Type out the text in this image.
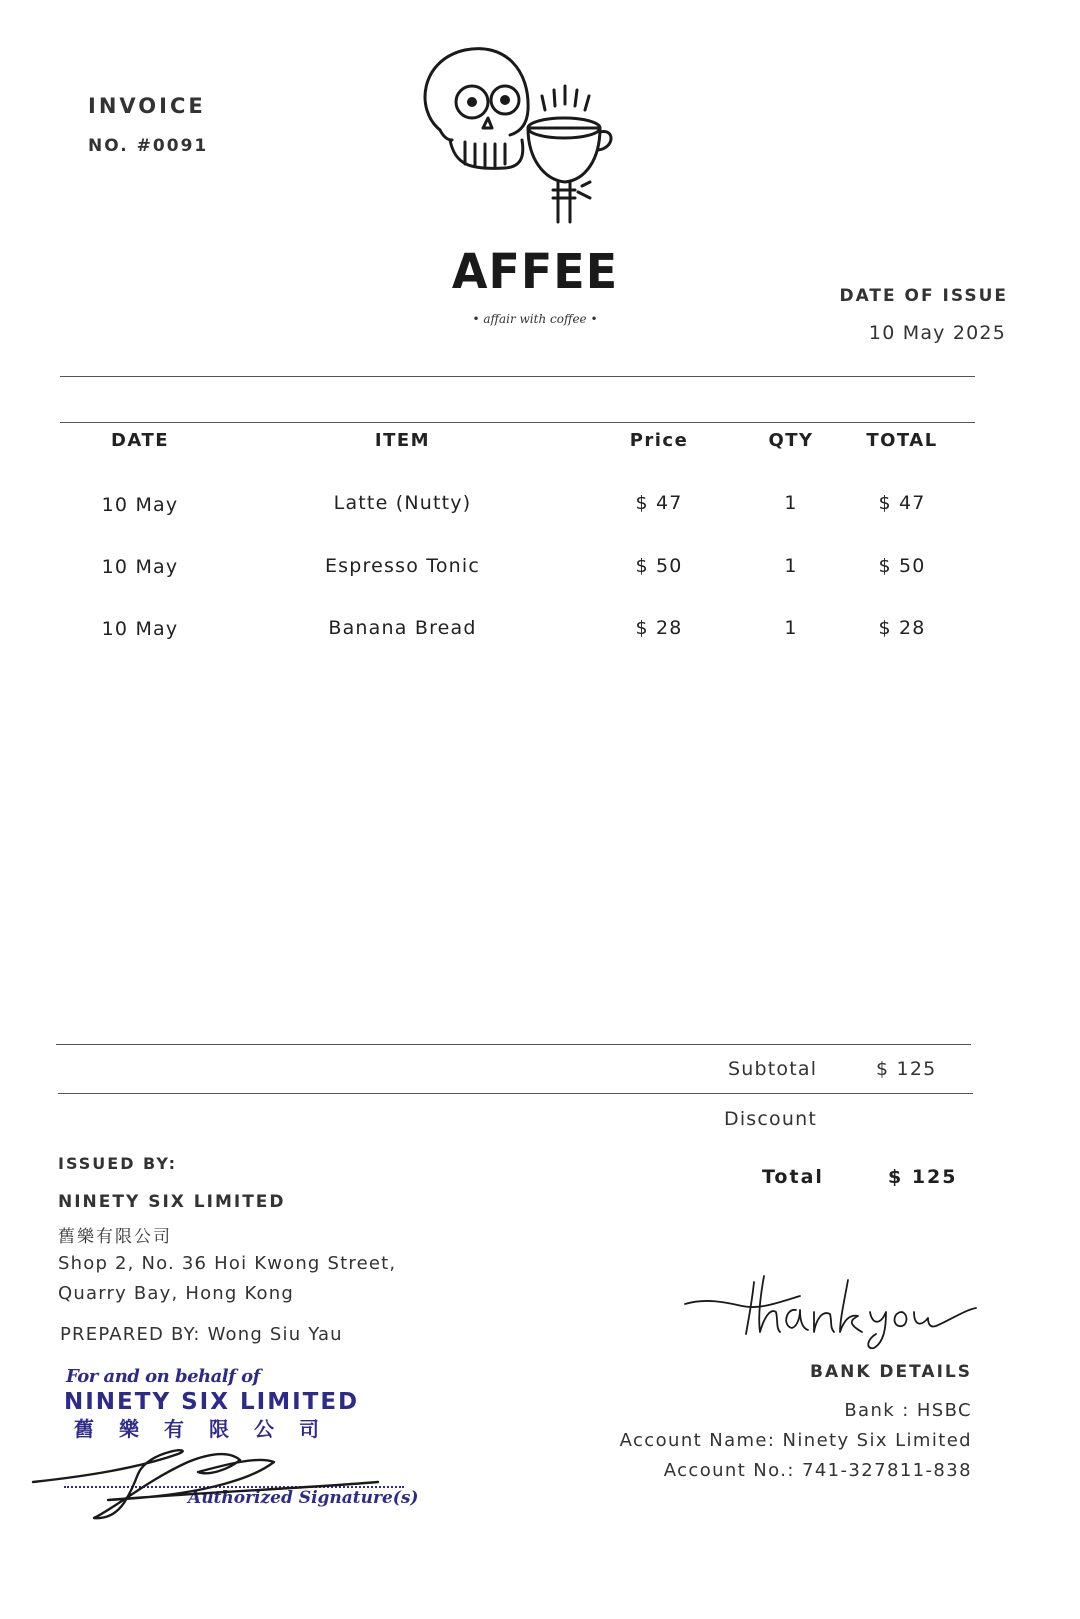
INVOICE
NO. #0091
AFFEE
• affair with coffee •
DATE OF ISSUE
10 May 2025
DATE	ITEM	Price	QTY	TOTAL
10 May	Latte (Nutty)	$ 47	1	$ 47
10 May	Espresso Tonic	$ 50	1	$ 50
10 May	Banana Bread	$ 28	1	$ 28
Subtotal	$ 125
Discount
Total	$ 125
ISSUED BY:
NINETY SIX LIMITED
舊樂有限公司
Shop 2, No. 36 Hoi Kwong Street,
Quarry Bay, Hong Kong
PREPARED BY: Wong Siu Yau
For and on behalf of
NINETY SIX LIMITED
舊樂有限公司
Authorized Signature(s)
BANK DETAILS
Bank : HSBC
Account Name: Ninety Six Limited
Account No.: 741-327811-838
